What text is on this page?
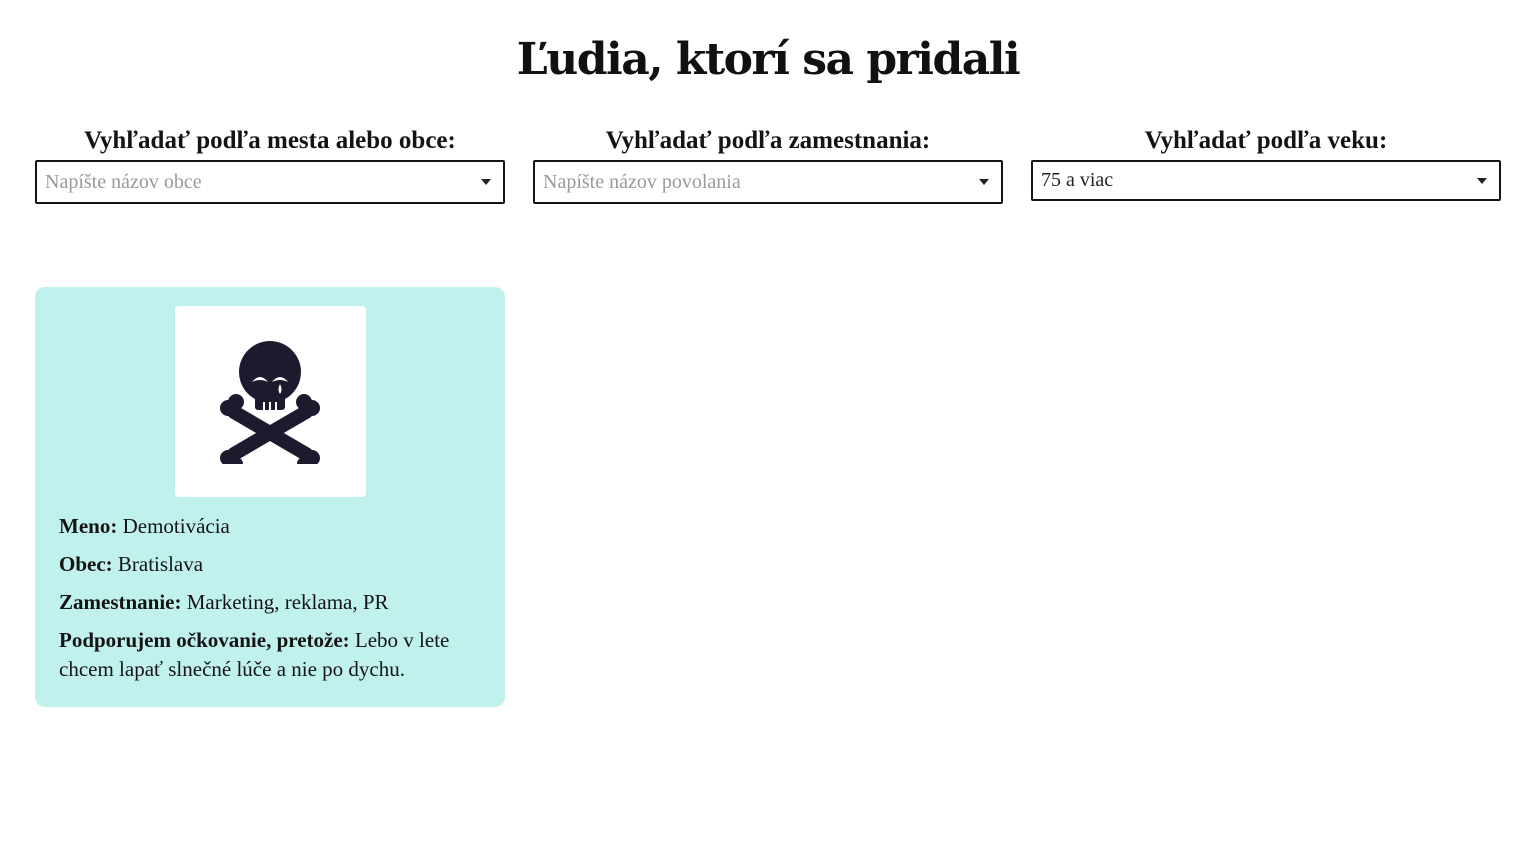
Ľudia, ktorí sa pridali
Vyhľadať podľa mesta alebo obce:
Napíšte názov obce
Vyhľadať podľa zamestnania:
Napíšte názov povolania
Vyhľadať podľa veku:
75 a viac

Meno: Demotivácia

Obec: Bratislava

Zamestnanie: Marketing, reklama, PR

Podporujem očkovanie, pretože: Lebo v lete chcem lapať slnečné lúče a nie po dychu.
